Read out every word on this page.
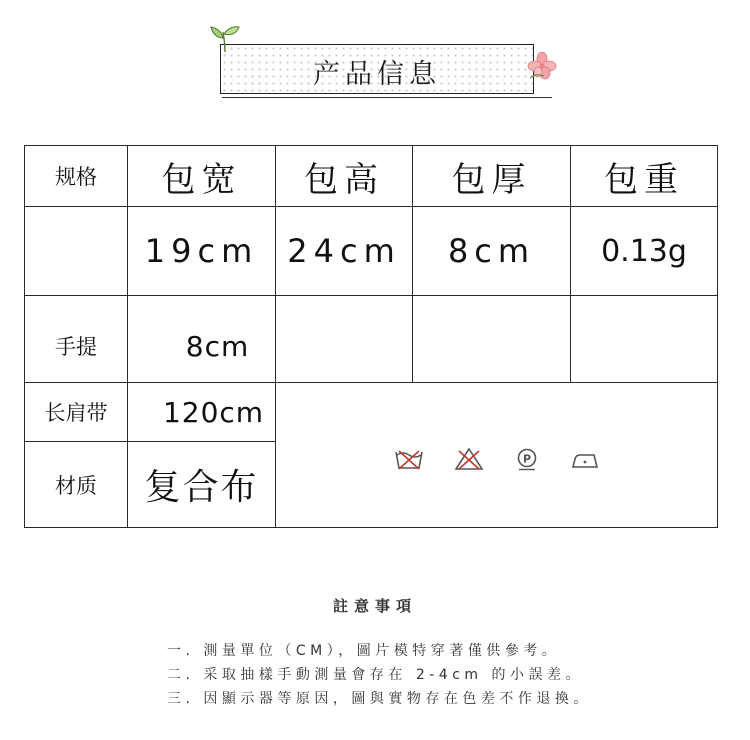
产品信息
规格	包宽	包高	包厚	包重
	19cm	24cm	8cm	0.13g
手提	8cm			
长肩带	120cm	P		

材质	复合布			
註意事項
一. 測量單位（CM），圖片模特穿著僅供參考。
二. 采取抽樣手動測量會存在 2-4cm 的小誤差。
三. 因顯示器等原因，圖與實物存在色差不作退換。
